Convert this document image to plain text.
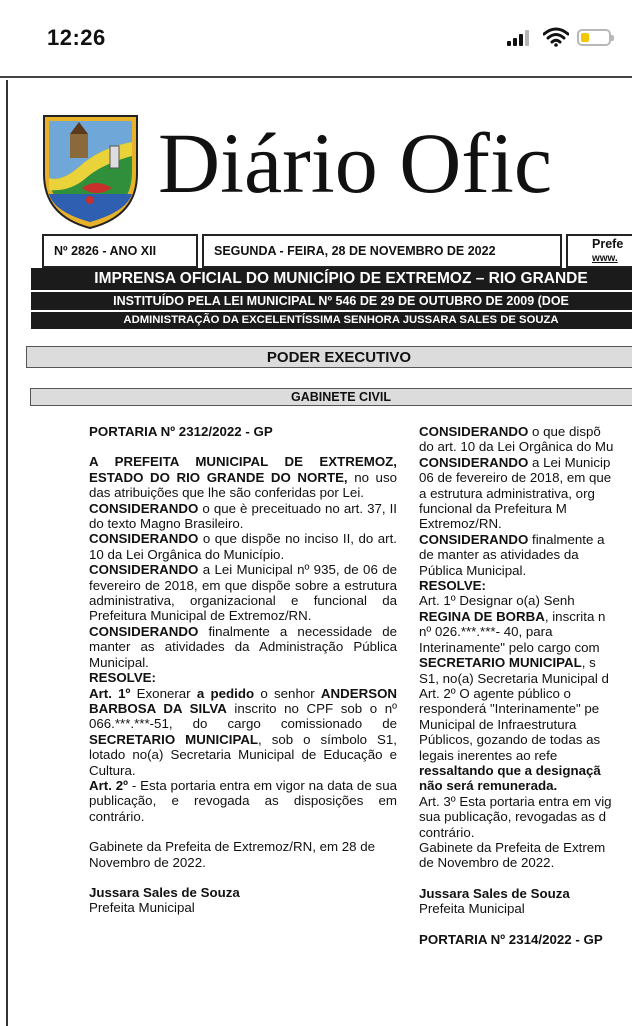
12:26
Diário Ofic
Nº 2826 - ANO XII	SEGUNDA - FEIRA, 28 DE NOVEMBRO DE 2022	Prefe
www.
IMPRENSA OFICIAL DO MUNICÍPIO DE EXTREMOZ – RIO GRANDE
INSTITUÍDO PELA LEI MUNICIPAL Nº 546 DE 29 DE OUTUBRO DE 2009 (DOE
ADMINISTRAÇÃO DA EXCELENTÍSSIMA SENHORA JUSSARA SALES DE SOUZA
PODER EXECUTIVO
GABINETE CIVIL

PORTARIA Nº 2312/2022 - GP

A PREFEITA MUNICIPAL DE EXTREMOZ, ESTADO DO RIO GRANDE DO NORTE, no uso das atribuições que lhe são conferidas por Lei.

CONSIDERANDO o que è preceituado no art. 37, II do texto Magno Brasileiro.

CONSIDERANDO o que dispõe no inciso II, do art. 10 da Lei Orgânica do Município.

CONSIDERANDO a Lei Municipal nº 935, de 06 de fevereiro de 2018, em que dispõe sobre a estrutura administrativa, organizacional e funcional da Prefeitura Municipal de Extremoz/RN.

CONSIDERANDO finalmente a necessidade de manter as atividades da Administração Pública Municipal.

RESOLVE:

Art. 1º Exonerar a pedido o senhor ANDERSON BARBOSA DA SILVA inscrito no CPF sob o nº 066.***.***-51, do cargo comissionado de SECRETARIO MUNICIPAL, sob o símbolo S1, lotado no(a) Secretaria Municipal de Educação e Cultura.

Art. 2º - Esta portaria entra em vigor na data de sua publicação, e revogada as disposições em contrário.

Gabinete da Prefeita de Extremoz/RN, em 28 de Novembro de 2022.

Jussara Sales de Souza

Prefeita Municipal

CONSIDERANDO o que dispõ

do art. 10 da Lei Orgânica do Mu

CONSIDERANDO a Lei Municip

06 de fevereiro de 2018, em que

a estrutura administrativa, org

funcional da Prefeitura M

Extremoz/RN.

CONSIDERANDO finalmente a

de manter as atividades da

Pública Municipal.

RESOLVE:

Art. 1º Designar o(a) Senh

REGINA DE BORBA, inscrita n

nº 026.***.***- 40, para

Interinamente" pelo cargo com

SECRETARIO MUNICIPAL, s

S1, no(a) Secretaria Municipal d

Art. 2º O agente público o

responderá "Interinamente" pe

Municipal de Infraestrutura

Públicos, gozando de todas as

legais inerentes ao refe

ressaltando que a designaçã

não será remunerada.

Art. 3º Esta portaria entra em vig

sua publicação, revogadas as d

contrário.

Gabinete da Prefeita de Extrem

de Novembro de 2022.

Jussara Sales de Souza

Prefeita Municipal

PORTARIA Nº 2314/2022 - GP
